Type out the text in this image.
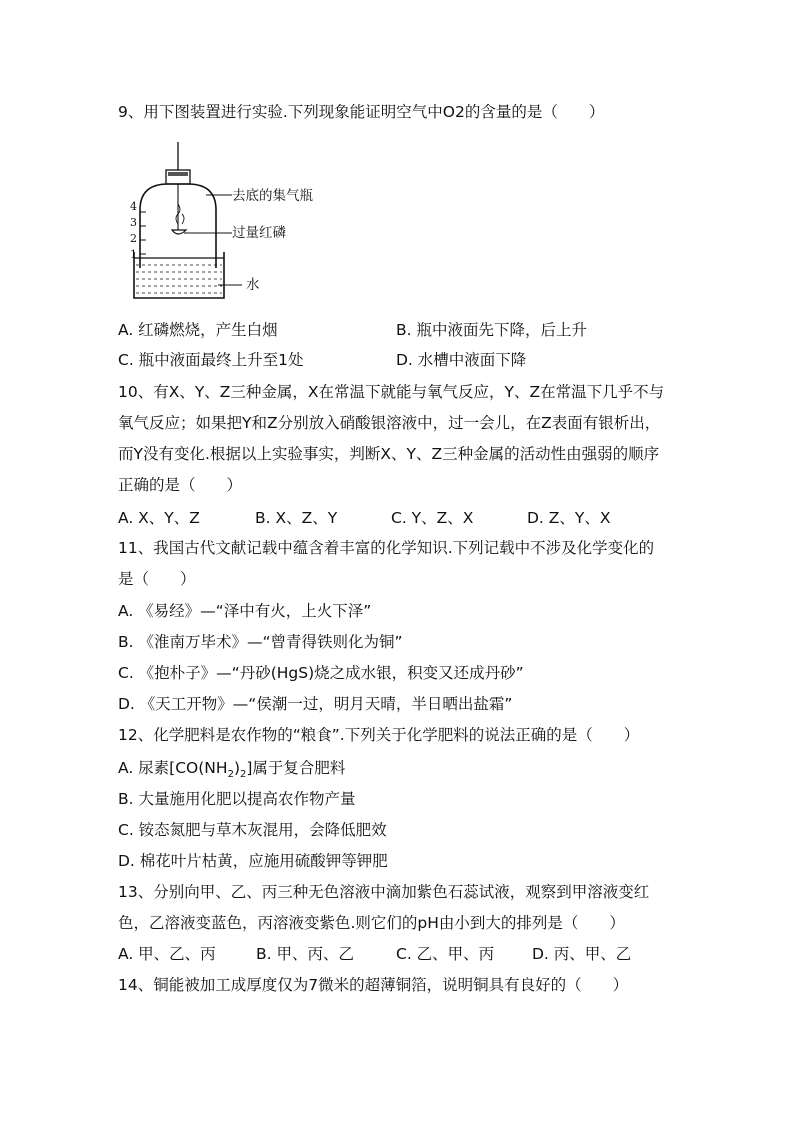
9、用下图装置进行实验.下列现象能证明空气中O2的含量的是（　　）
4
3
2
1
去底的集气瓶
过量红磷
水
A. 红磷燃烧，产生白烟	B. 瓶中液面先下降，后上升
C. 瓶中液面最终上升至1处	D. 水槽中液面下降
10、有X、Y、Z三种金属，X在常温下就能与氧气反应，Y、Z在常温下几乎不与
氧气反应；如果把Y和Z分别放入硝酸银溶液中，过一会儿，在Z表面有银析出，
而Y没有变化.根据以上实验事实，判断X、Y、Z三种金属的活动性由强弱的顺序
正确的是（　　）
A. X、Y、Z	B. X、Z、Y	C. Y、Z、X	D. Z、Y、X
11、我国古代文献记载中蕴含着丰富的化学知识.下列记载中不涉及化学变化的
是（　　）
A. 《易经》—“泽中有火，上火下泽”
B. 《淮南万毕术》—“曾青得铁则化为铜”
C. 《抱朴子》—“丹砂(HgS)烧之成水银，积变又还成丹砂”
D. 《天工开物》—“侯潮一过，明月天晴，半日晒出盐霜”
12、化学肥料是农作物的“粮食”.下列关于化学肥料的说法正确的是（　　）
A. 尿素$[CO(NH_2)_2]$属于复合肥料
B. 大量施用化肥以提高农作物产量
C. 铵态氮肥与草木灰混用，会降低肥效
D. 棉花叶片枯黄，应施用硫酸钾等钾肥
13、分别向甲、乙、丙三种无色溶液中滴加紫色石蕊试液，观察到甲溶液变红
色，乙溶液变蓝色，丙溶液变紫色.则它们的pH由小到大的排列是（　　）
A. 甲、乙、丙	B. 甲、丙、乙	C. 乙、甲、丙 D. 丙、甲、乙
14、铜能被加工成厚度仅为7微米的超薄铜箔，说明铜具有良好的（　　）
